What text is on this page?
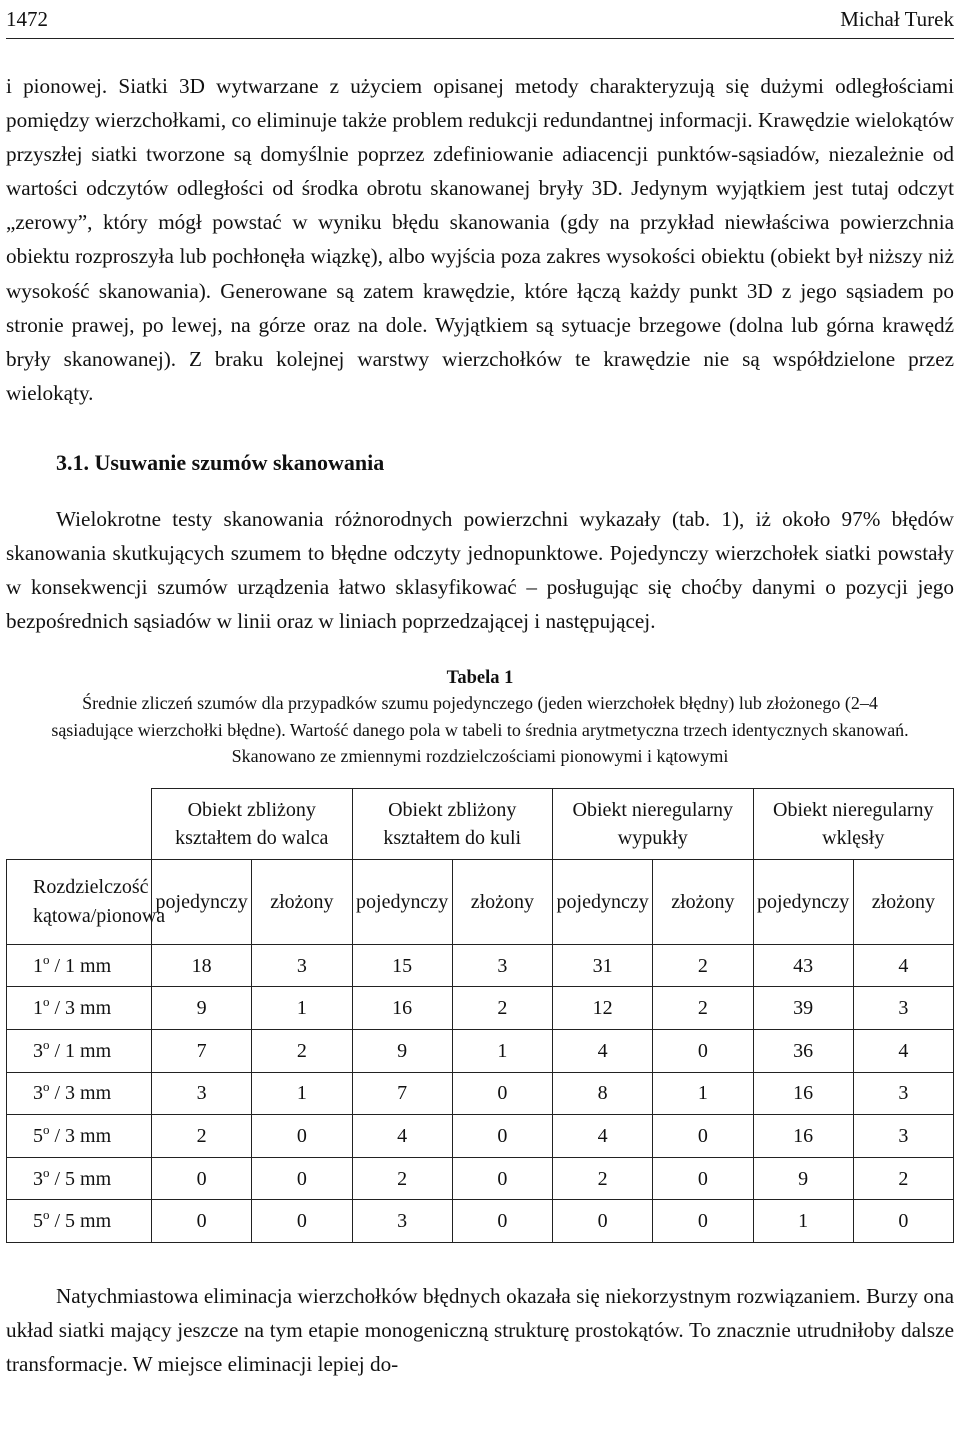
1472	Michał Turek

i pionowej. Siatki 3D wytwarzane z użyciem opisanej metody charakteryzują się dużymi odległościami pomiędzy wierzchołkami, co eliminuje także problem redukcji redundantnej informacji. Krawędzie wielokątów przyszłej siatki tworzone są domyślnie poprzez zdefiniowanie adiacencji punktów-sąsiadów, niezależnie od wartości odczytów odległości od środka obrotu skanowanej bryły 3D. Jedynym wyjątkiem jest tutaj odczyt „zerowy”, który mógł powstać w wyniku błędu skanowania (gdy na przykład niewłaściwa powierzchnia obiektu rozproszyła lub pochłonęła wiązkę), albo wyjścia poza zakres wysokości obiektu (obiekt był niższy niż wysokość skanowania). Generowane są zatem krawędzie, które łączą każdy punkt 3D z jego sąsiadem po stronie prawej, po lewej, na górze oraz na dole. Wyjątkiem są sytuacje brzegowe (dolna lub górna krawędź bryły skanowanej). Z braku kolejnej warstwy wierzchołków te krawędzie nie są współdzielone przez wielokąty.

3.1. Usuwanie szumów skanowania

Wielokrotne testy skanowania różnorodnych powierzchni wykazały (tab. 1), iż około 97% błędów skanowania skutkujących szumem to błędne odczyty jednopunktowe. Pojedynczy wierzchołek siatki powstały w konsekwencji szumów urządzenia łatwo sklasyfikować – posługując się choćby danymi o pozycji jego bezpośrednich sąsiadów w linii oraz w liniach poprzedzającej i następującej.

Tabela 1
Średnie zliczeń szumów dla przypadków szumu pojedynczego (jeden wierzchołek błędny) lub złożonego (2–4 sąsiadujące wierzchołki błędne). Wartość danego pola w tabeli to średnia arytmetyczna trzech identycznych skanowań. Skanowano ze zmiennymi rozdzielczościami pionowymi i kątowymi
	Obiekt zbliżony kształtem do walca		Obiekt zbliżony kształtem do kuli		Obiekt nieregularny wypukły		Obiekt nieregularny wklęsły	
Rozdzielczość kątowa/pionowa	pojedynczy	złożony	pojedynczy	złożony	pojedynczy	złożony	pojedynczy	złożony
1$^o$ / 1 mm	18	3	15	3	31	2	43	4
1$^o$ / 3 mm	9	1	16	2	12	2	39	3
3$^o$ / 1 mm	7	2	9	1	4	0	36	4
3$^o$ / 3 mm	3	1	7	0	8	1	16	3
5$^o$ / 3 mm	2	0	4	0	4	0	16	3
3$^o$ / 5 mm	0	0	2	0	2	0	9	2
5$^o$ / 5 mm	0	0	3	0	0	0	1	0

Natychmiastowa eliminacja wierzchołków błędnych okazała się niekorzystnym rozwiązaniem. Burzy ona układ siatki mający jeszcze na tym etapie monogeniczną strukturę prostokątów. To znacznie utrudniłoby dalsze transformacje. W miejsce eliminacji lepiej do-
